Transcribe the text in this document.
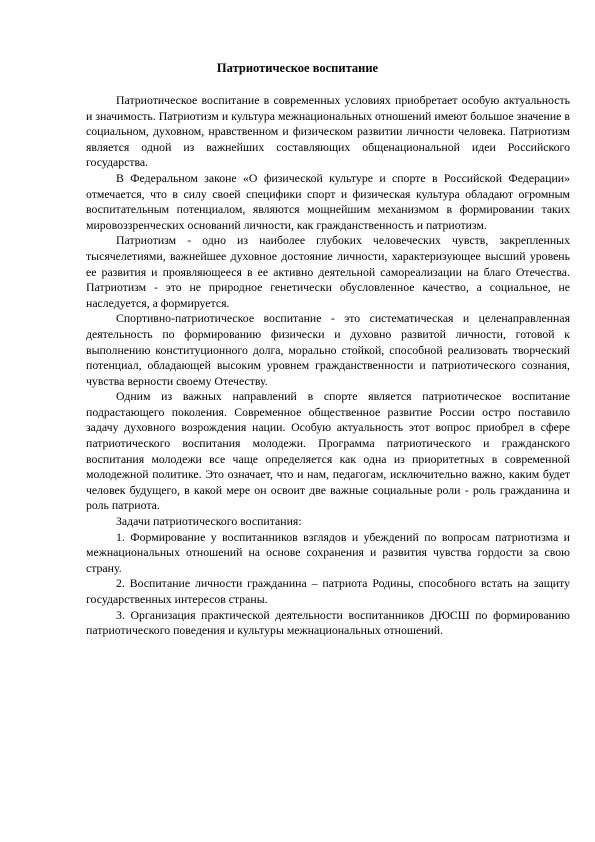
Патриотическое воспитание

Патриотическое воспитание в современных условиях приобретает особую актуальность и значимость. Патриотизм и культура межнациональных отношений имеют большое значение в социальном, духовном, нравственном и физическом развитии личности человека. Патриотизм является одной из важнейших составляющих общенациональной идеи Российского государства.

В Федеральном законе «О физической культуре и спорте в Российской Федерации» отмечается, что в силу своей специфики спорт и физическая культура обладают огромным воспитательным потенциалом, являются мощнейшим механизмом в формировании таких мировоззренческих оснований личности, как гражданственность и патриотизм.

Патриотизм - одно из наиболее глубоких человеческих чувств, закрепленных тысячелетиями, важнейшее духовное достояние личности, характеризующее высший уровень ее развития и проявляющееся в ее активно деятельной самореализации на благо Отечества. Патриотизм - это не природное генетически обусловленное качество, а социальное, не наследуется, а формируется.

Спортивно-патриотическое воспитание - это систематическая и целенаправленная деятельность по формированию физически и духовно развитой личности, готовой к выполнению конституционного долга, морально стойкой, способной реализовать творческий потенциал, обладающей высоким уровнем гражданственности и патриотического сознания, чувства верности своему Отечеству.

Одним из важных направлений в спорте является патриотическое воспитание подрастающего поколения. Современное общественное развитие России остро поставило задачу духовного возрождения нации. Особую актуальность этот вопрос приобрел в сфере патриотического воспитания молодежи. Программа патриотического и гражданского воспитания молодежи все чаще определяется как одна из приоритетных в современной молодежной политике. Это означает, что и нам, педагогам, исключительно важно, каким будет человек будущего, в какой мере он освоит две важные социальные роли - роль гражданина и роль патриота.

Задачи патриотического воспитания:

1. Формирование у воспитанников взглядов и убеждений по вопросам патриотизма и межнациональных отношений на основе сохранения и развития чувства гордости за свою страну.

2. Воспитание личности гражданина – патриота Родины, способного встать на защиту государственных интересов страны.

3. Организация практической деятельности воспитанников ДЮСШ по формированию патриотического поведения и культуры межнациональных отношений.
